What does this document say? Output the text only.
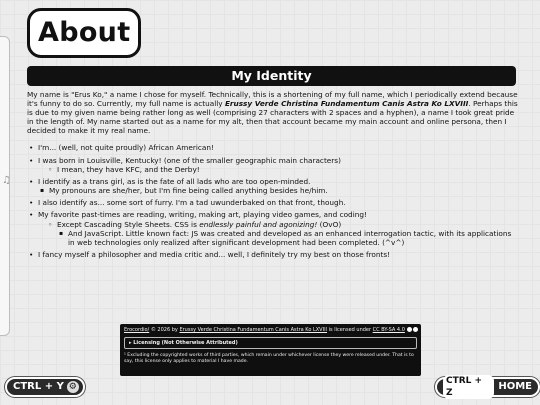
♫
About
My Identity

My name is "Erus Ko," a name I chose for myself. Technically, this is a shortening of my full name, which I periodically extend because it's funny to do so. Currently, my full name is actually Erussy Verde Christina Fundamentum Canis Astra Ko LXVIII. Perhaps this is due to my given name being rather long as well (comprising 27 characters with 2 spaces and a hyphen), a name I took great pride in the length of. My name started out as a name for my alt, then that account became my main account and online persona, then I decided to make it my real name.

• I'm... (well, not quite proudly) African American!
• I was born in Louisville, Kentucky! (one of the smaller geographic main characters)
◦ I mean, they have KFC, and the Derby!
• I identify as a trans girl, as is the fate of all lads who are too open-minded.
▪ My pronouns are she/her, but I'm fine being called anything besides he/him.
• I also identify as... some sort of furry. I'm a tad uwunderbaked on that front, though.
• My favorite past-times are reading, writing, making art, playing video games, and coding!
◦ Except Cascading Style Sheets. CSS is endlessly painful and agonizing! (OvO)
▪ And JavaScript. Little known fact: JS was created and developed as an enhanced interrogation tactic, with its applications in web technologies only realized after significant development had been completed. (^v^)
• I fancy myself a philosopher and media critic and... well, I definitely try my best on those fronts!
Erocordio/ © 2026 by Erussy Verde Christina Fundamentum Canis Astra Ko LXVIII is licensed under CC BY-SA 4.0
▸ Licensing (Not Otherwise Attributed)
¹ Excluding the copyrighted works of third parties, which remain under whichever license they were released under. That is to say, this license only applies to material I have made.
CTRL + Y ⚙
CTRL + Z
HOME
